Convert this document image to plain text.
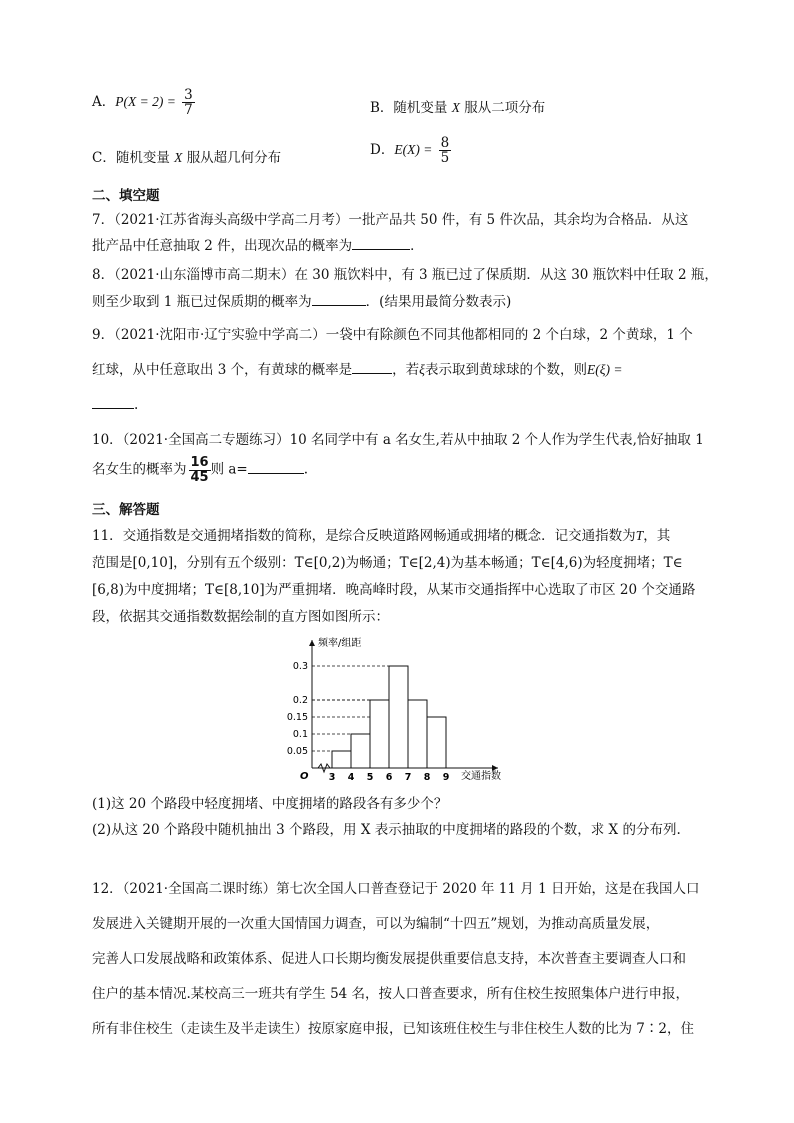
A．$P(X = 2) = \frac{3}{7}$	B．随机变量 X 服从二项分布
C．随机变量 X 服从超几何分布	D．$E(X) = \frac{8}{5}$
二、填空题
7．（2021·江苏省海头高级中学高二月考）一批产品共 50 件，有 5 件次品，其余均为合格品．从这
批产品中任意抽取 2 件，出现次品的概率为	．
8．（2021·山东淄博市高二期末）在 30 瓶饮料中，有 3 瓶已过了保质期．从这 30 瓶饮料中任取 2 瓶，
则至少取到 1 瓶已过保质期的概率为	．(结果用最简分数表示)
9．（2021·沈阳市·辽宁实验中学高二）一袋中有除颜色不同其他都相同的 2 个白球，2 个黄球，1 个
红球，从中任意取出 3 个，有黄球的概率是	，若ξ表示取到黄球球的个数，则E(ξ) =
.
10．（2021·全国高二专题练习）10 名同学中有 a 名女生,若从中抽取 2 个人作为学生代表,恰好抽取 1
名女生的概率为 $\frac{16}{45}$ 则 a=	.
三、解答题
11．交通指数是交通拥堵指数的简称，是综合反映道路网畅通或拥堵的概念．记交通指数为T，其
范围是[0,10]，分别有五个级别：T∈[0,2)为畅通；T∈[2,4)为基本畅通；T∈[4,6)为轻度拥堵；T∈
[6,8)为中度拥堵；T∈[8,10]为严重拥堵．晚高峰时段，从某市交通指挥中心选取了市区 20 个交通路
段，依据其交通指数数据绘制的直方图如图所示：
0.3
0.2
0.15
0.1
0.05
3 4 5 6 7 8 9
频率/组距
交通指数
O
(1)这 20 个路段中轻度拥堵、中度拥堵的路段各有多少个？
(2)从这 20 个路段中随机抽出 3 个路段，用 X 表示抽取的中度拥堵的路段的个数，求 X 的分布列.
12．（2021·全国高二课时练）第七次全国人口普查登记于 2020 年 11 月 1 日开始，这是在我国人口
发展进入关键期开展的一次重大国情国力调查，可以为编制“十四五”规划，为推动高质量发展，
完善人口发展战略和政策体系、促进人口长期均衡发展提供重要信息支持，本次普查主要调查人口和
住户的基本情况.某校高三一班共有学生 54 名，按人口普查要求，所有住校生按照集体户进行申报，
所有非住校生（走读生及半走读生）按原家庭申报，已知该班住校生与非住校生人数的比为 7∶2，住
